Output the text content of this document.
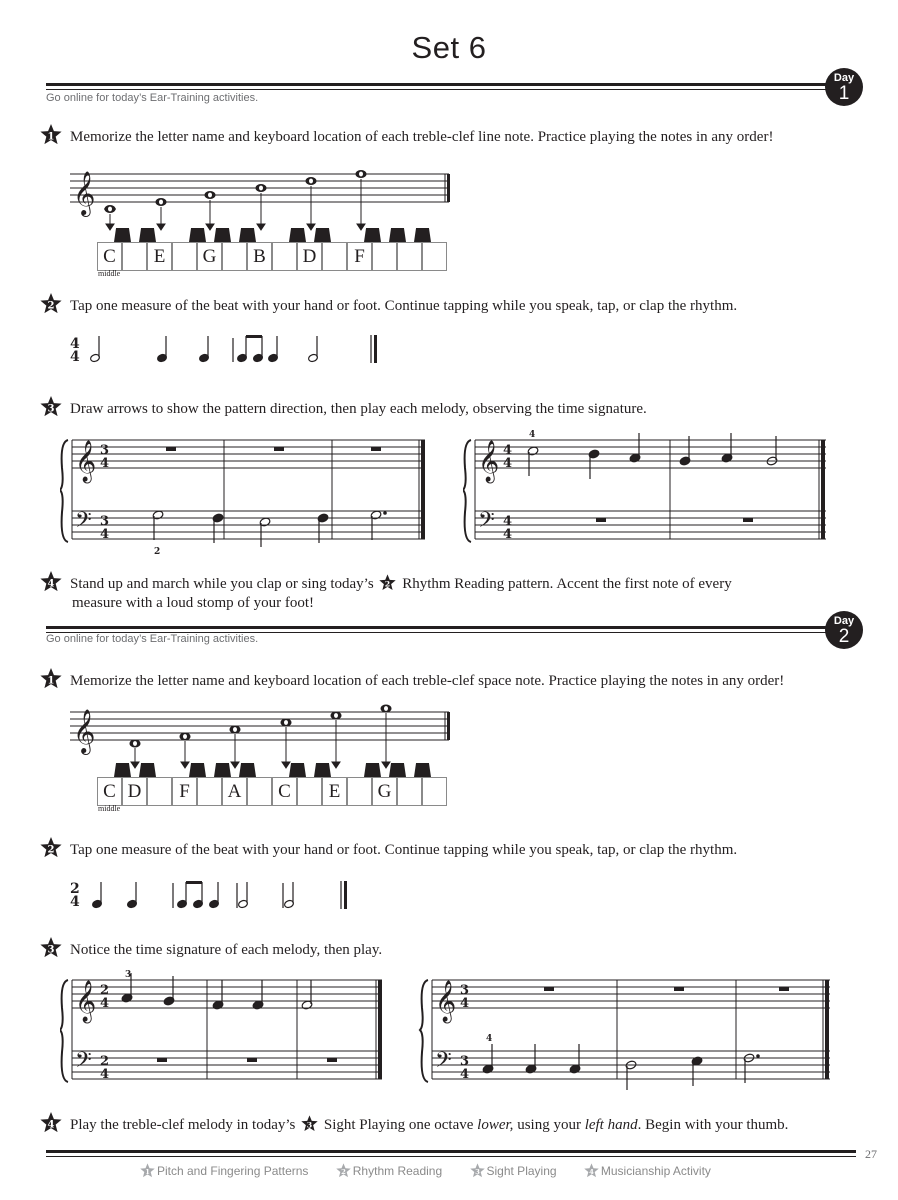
Set 6
Day
1
Go online for today’s Ear-Training activities.
1 Memorize the letter name and keyboard location of each treble-clef line note. Practice playing the notes in any order!
𝄞
C	E	G	B	D	F
middle
2 Tap one measure of the beat with your hand or foot. Continue tapping while you speak, tap, or clap the rhythm.
4
4
3 Draw arrows to show the pattern direction, then play each melody, observing the time signature.
𝄞
𝄢
3
4
3
4
2
𝄞
𝄢
4
4
4
4
4
4 Stand up and march while you clap or sing today’s 2 Rhythm Reading pattern. Accent the first note of every
measure with a loud stomp of your foot!
Day
2
Go online for today’s Ear-Training activities.
1 Memorize the letter name and keyboard location of each treble-clef space note. Practice playing the notes in any order!
𝄞
C D	F	A	C	E	G
middle
2 Tap one measure of the beat with your hand or foot. Continue tapping while you speak, tap, or clap the rhythm.
2
4
3 Notice the time signature of each melody, then play.
𝄞
𝄢
2
4
2
4
3
𝄞
𝄢
3
4
3
4
4
4 Play the treble-clef melody in today’s 3 Sight Playing one octave lower, using your left hand. Begin with your thumb.
27
1 Pitch and Fingering Patterns	2 Rhythm Reading	3 Sight Playing	4 Musicianship Activity
